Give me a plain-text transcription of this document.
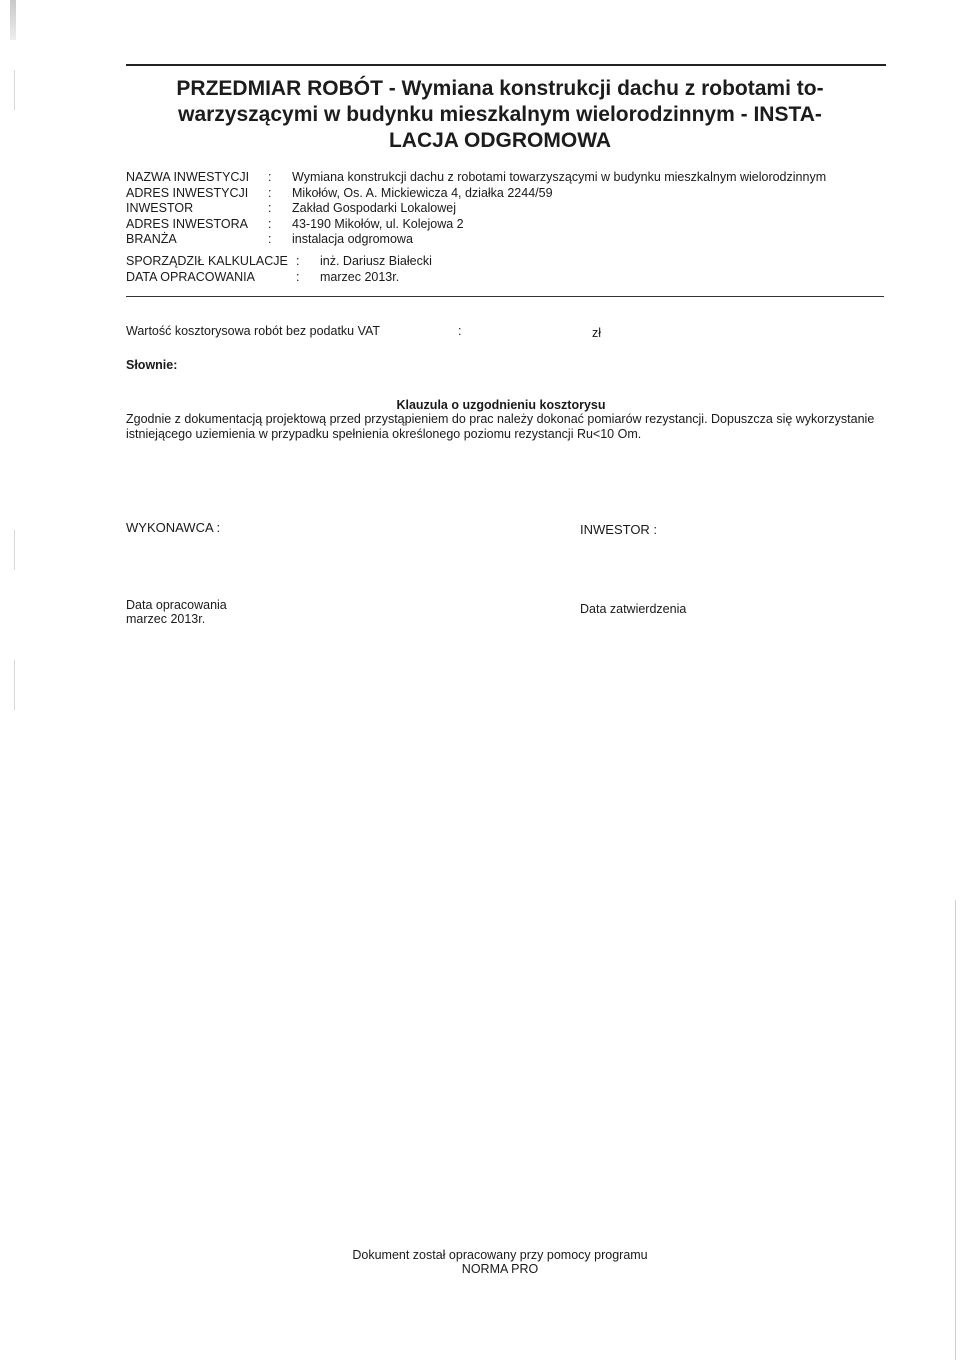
PRZEDMIAR ROBÓT - Wymiana konstrukcji dachu z robotami to-
warzyszącymi w budynku mieszkalnym wielorodzinnym - INSTA-
LACJA ODGROMOWA
NAZWA INWESTYCJI	:	Wymiana konstrukcji dachu z robotami towarzyszącymi w budynku mieszkalnym wielorodzinnym
ADRES INWESTYCJI	:	Mikołów, Os. A. Mickiewicza 4, działka 2244/59
INWESTOR	:	Zakład Gospodarki Lokalowej
ADRES INWESTORA	:	43-190 Mikołów, ul. Kolejowa 2
BRANŻA	:	instalacja odgromowa
SPORZĄDZIŁ KALKULACJE :	inż. Dariusz Białecki
DATA OPRACOWANIA	:	marzec 2013r.
Wartość kosztorysowa robót bez podatku VAT	:	zł
Słownie:
Klauzula o uzgodnieniu kosztorysu
Zgodnie z dokumentacją projektową przed przystąpieniem do prac należy dokonać pomiarów rezystancji. Dopuszcza się wykorzystanie
istniejącego uziemienia w przypadku spełnienia określonego poziomu rezystancji Ru<10 Om.
WYKONAWCA :	INWESTOR :
Data opracowania
marzec 2013r.
Data zatwierdzenia
Dokument został opracowany przy pomocy programu
NORMA PRO
